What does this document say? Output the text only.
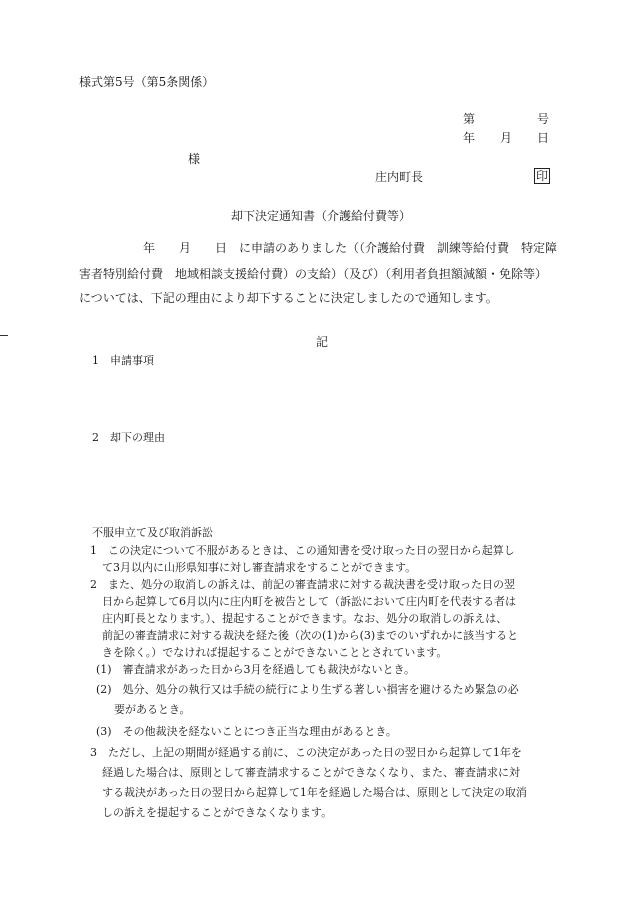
様式第5号（第5条関係）
第	号
年 月 日
様
庄内町長	印
却下決定通知書（介護給付費等）
年　　月　　日　に申請のありました（（介護給付費　訓練等給付費　特定障
害者特別給付費　地域相談支援給付費）の支給）（及び）（利用者負担額減額・免除等）
については、下記の理由により却下することに決定しましたので通知します。
記
1　申請事項
2　却下の理由
不服申立て及び取消訴訟
1　この決定について不服があるときは、この通知書を受け取った日の翌日から起算し
て3月以内に山形県知事に対し審査請求をすることができます。
2　また、処分の取消しの訴えは、前記の審査請求に対する裁決書を受け取った日の翌
日から起算して6月以内に庄内町を被告として（訴訟において庄内町を代表する者は
庄内町長となります。）、提起することができます。なお、処分の取消しの訴えは、
前記の審査請求に対する裁決を経た後（次の(1)から(3)までのいずれかに該当すると
きを除く。）でなければ提起することができないこととされています。
(1)　審査請求があった日から3月を経過しても裁決がないとき。
(2)　処分、処分の執行又は手続の続行により生ずる著しい損害を避けるため緊急の必
要があるとき。
(3)　その他裁決を経ないことにつき正当な理由があるとき。
3　ただし、上記の期間が経過する前に、この決定があった日の翌日から起算して1年を
経過した場合は、原則として審査請求することができなくなり、また、審査請求に対
する裁決があった日の翌日から起算して1年を経過した場合は、原則として決定の取消
しの訴えを提起することができなくなります。
